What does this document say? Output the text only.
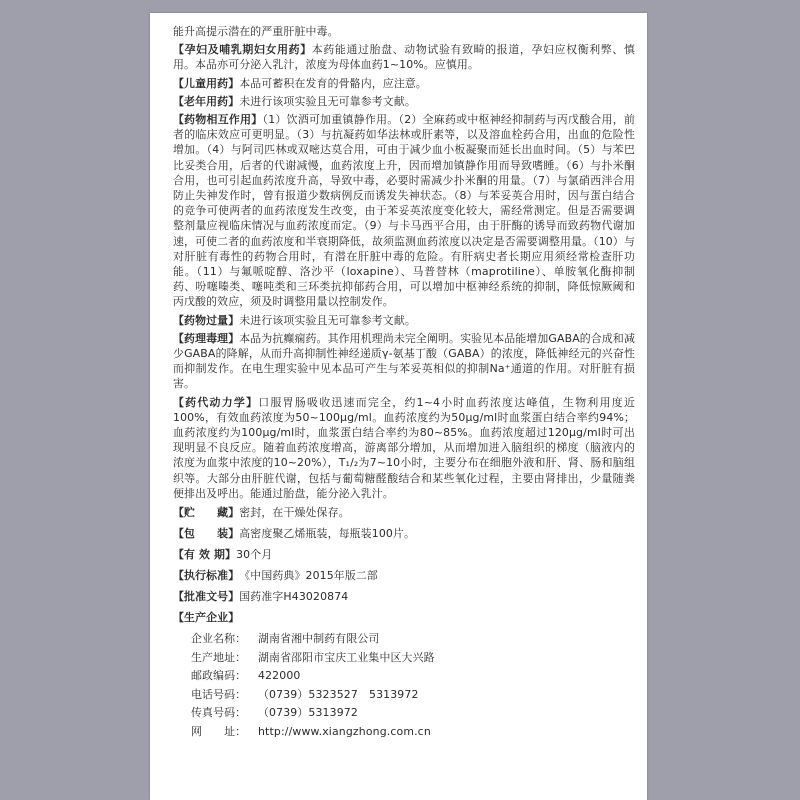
能升高提示潜在的严重肝脏中毒。

【孕妇及哺乳期妇女用药】本药能通过胎盘、动物试验有致畸的报道，孕妇应权衡利弊、慎用。本品亦可分泌入乳汁，浓度为母体血药1~10%。应慎用。

【儿童用药】本品可蓄积在发育的骨骼内，应注意。

【老年用药】未进行该项实验且无可靠参考文献。

【药物相互作用】（1）饮酒可加重镇静作用。（2）全麻药或中枢神经抑制药与丙戊酸合用，前者的临床效应可更明显。（3）与抗凝药如华法林或肝素等，以及溶血栓药合用，出血的危险性增加。（4）与阿司匹林或双嘧达莫合用，可由于减少血小板凝聚而延长出血时间。（5）与苯巴比妥类合用，后者的代谢减慢，血药浓度上升，因而增加镇静作用而导致嗜睡。（6）与扑米酮合用，也可引起血药浓度升高，导致中毒，必要时需减少扑米酮的用量。（7）与氯硝西泮合用防止失神发作时，曾有报道少数病例反而诱发失神状态。（8）与苯妥英合用时，因与蛋白结合的竞争可使两者的血药浓度发生改变，由于苯妥英浓度变化较大，需经常测定。但是否需要调整剂量应视临床情况与血药浓度而定。（9）与卡马西平合用，由于肝酶的诱导而致药物代谢加速，可使二者的血药浓度和半衰期降低，故须监测血药浓度以决定是否需要调整用量。（10）与对肝脏有毒性的药物合用时，有潜在肝脏中毒的危险。有肝病史者长期应用须经常检查肝功能。（11）与氟哌啶醇、洛沙平（loxapine）、马普替林（maprotiline）、单胺氧化酶抑制药、吩噻嗪类、噻吨类和三环类抗抑郁药合用，可以增加中枢神经系统的抑制，降低惊厥阈和丙戊酸的效应，须及时调整用量以控制发作。

【药物过量】未进行该项实验且无可靠参考文献。

【药理毒理】本品为抗癫痫药。其作用机理尚未完全阐明。实验见本品能增加GABA的合成和减少GABA的降解，从而升高抑制性神经递质γ-氨基丁酸（GABA）的浓度，降低神经元的兴奋性而抑制发作。在电生理实验中见本品可产生与苯妥英相似的抑制Na⁺通道的作用。对肝脏有损害。

【药代动力学】口服胃肠吸收迅速而完全，约1~4小时血药浓度达峰值，生物利用度近100%，有效血药浓度为50~100μg/ml。血药浓度约为50μg/ml时血浆蛋白结合率约94%；血药浓度约为100μg/ml时，血浆蛋白结合率约为80~85%。血药浓度超过120μg/ml时可出现明显不良反应。随着血药浓度增高，游离部分增加，从而增加进入脑组织的梯度（脑液内的浓度为血浆中浓度的10~20%），T₁/₂为7~10小时，主要分布在细胞外液和肝、肾、肠和脑组织等。大部分由肝脏代谢，包括与葡萄糖醛酸结合和某些氧化过程，主要由肾排出，少量随粪便排出及呼出。能通过胎盘，能分泌入乳汁。

【贮　　藏】密封，在干燥处保存。

【包　　装】高密度聚乙烯瓶装，每瓶装100片。

【有 效 期】30个月

【执行标准】《中国药典》2015年版二部

【批准文号】国药准字H43020874

【生产企业】

企业名称： 湖南省湘中制药有限公司
生产地址： 湖南省邵阳市宝庆工业集中区大兴路
邮政编码： 422000
电话号码： （0739）5323527　5313972
传真号码： （0739）5313972
网　　址： http://www.xiangzhong.com.cn
